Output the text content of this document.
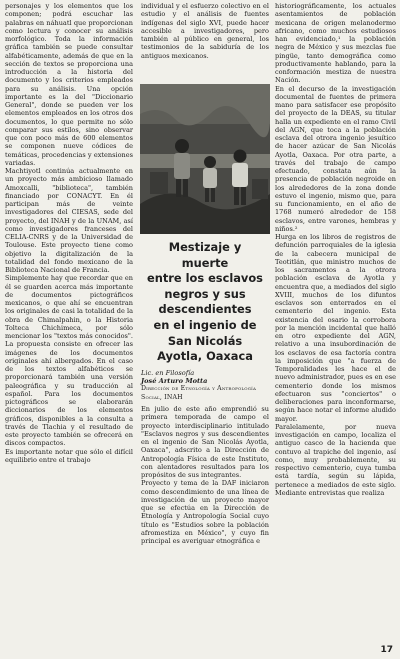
personajes y los elementos que los componen; podrá escuchar las palabras en náhuatl que proporcionan como lectura y conocer su análisis morfológico. Toda la información gráfica también se puede consultar alfabéticamente, además de que en la sección de textos se proporciona una introducción a la historia del documento y los criterios empleados para su análisis. Una opción importante es la del "Diccionario General", donde se pueden ver los elementos empleados en los otros dos documentos, lo que permite no sólo comparar sus estilos, sino observar que con poco más de 600 elementos se componen nueve códices de temáticas, procedencias y extensiones variadas.
Machtiyotl continúa actualmente en un proyecto más ambicioso llamado Amoxcalli, "biblioteca", también financiado por CONACYT. En él participan más de veinte investigadores del CIESAS, sede del proyecto, del INAH y de la UNAM, así como investigadores franceses del CELIA-CNRS y de la Universidad de Toulouse. Este proyecto tiene como objetivo la digitalización de la totalidad del fondo mexicano de la Biblioteca Nacional de Francia.
Simplemente hay que recordar que en él se guarden acerca más importante de documentos pictográficos mexicanos, o que ahí se encuentran los originales de casi la totalidad de la obra de Chimalpahin, o la Historia Tolteca Chichimeca, por sólo mencionar los "textos más conocidos". La propuesta consiste en ofrecer las imágenes de los documentos originales ahí albergados. En el caso de los textos alfabéticos se proporcionará también una versión paleográfica y su traducción al español. Para los documentos pictográficos se elaborarán diccionarios de los elementos gráficos, disponibles a la consulta a través de Tlachia y el resultado de este proyecto también se ofrecerá en discos compactos.
Es importante notar que sólo el difícil equilibrio entre el trabajo

individual y el esfuerzo colectivo en el estudio y el análisis de fuentes indígenas del siglo XVI, puede hacer accesible a investigadores, pero también al público en general, los testimonios de la sabiduría de los antiguos mexicanos.

Mestizaje y
muerte
entre los esclavos
negros y sus
descendientes
en el ingenio de
San Nicolás
Ayotla, Oaxaca
Lic. en Filosofía
José Arturo Motta
Dirección de Etnología y Antropología Social, INAH

En julio de este año emprendió su primera temporada de campo el proyecto interdisciplinario intitulado "Esclavos negros y sus descendientes en el ingenio de San Nicolás Ayotla, Oaxaca", adscrito a la Dirección de Antropología Física de este Instituto, con alentadores resultados para los propósitos de sus integrantes.
Proyecto y tema de la DAF iniciaron como descendimiento de una línea de investigación de un proyecto mayor que se efectúa en la Dirección de Etnología y Antropología Social cuyo título es "Estudios sobre la población afromestiza en México", y cuyo fin principal es averiguar etnográfica e

historiográficamente, los actuales asentamientos de población mexicana de origen melanodermo africano, como muchos estudiosos han evidenciado,¹ la población negra de México y sus mezclas fue pingüe, tanto demográfica como productivamente hablando, para la conformación mestiza de nuestra Nación.
En el decurso de la investigación documental de fuentes de primera mano para satisfacer ese propósito del proyecto de la DEAS, su titular halla un expediente en el ramo Civil del AGN, que toca a la población esclava del otrora ingenio jesuítico de hacer azúcar de San Nicolás Ayotla, Oaxaca. Por otra parte, a través del trabajo de campo efectuado, constata aún la presencia de población negroide en los alrededores de la zona donde estuvo el ingenio, mismo que, para su funcionamiento, en el año de 1768 numeró alrededor de 158 esclavos, entre varones, hembras y niños.²
Hurga en los libros de registros de defunción parroquiales de la iglesia de la cabecera municipal de Teotitlán, que ministro muchos de los sacramentos a la otrora población esclava de Ayotla y encuentra que, a mediados del siglo XVIII, muchos de los difuntos esclavos son enterrados en el cementerio del ingenio. Esta existencia del osario la corrobora por la mención incidental que halló en otro expediente del AGN, relativo a una insubordinación de los esclavos de esa factoría contra la imposición que "a fuerza de Temporalidades les hace el de nuevo administrador, pues es en ese cementerio donde los mismos efectuaron sus "conciertos" o deliberaciones para inconformarse, según hace notar el informe aludido mayor.
Paralelamente, por nueva investigación en campo, localiza el antiguo casco de la hacienda que contuvo al trapiche del ingenio, así como, muy probablemente, su respectivo cementerio, cuya tumba está tardía, según su lápida, pertenece a mediados de este siglo. Mediante entrevistas que realiza

17
